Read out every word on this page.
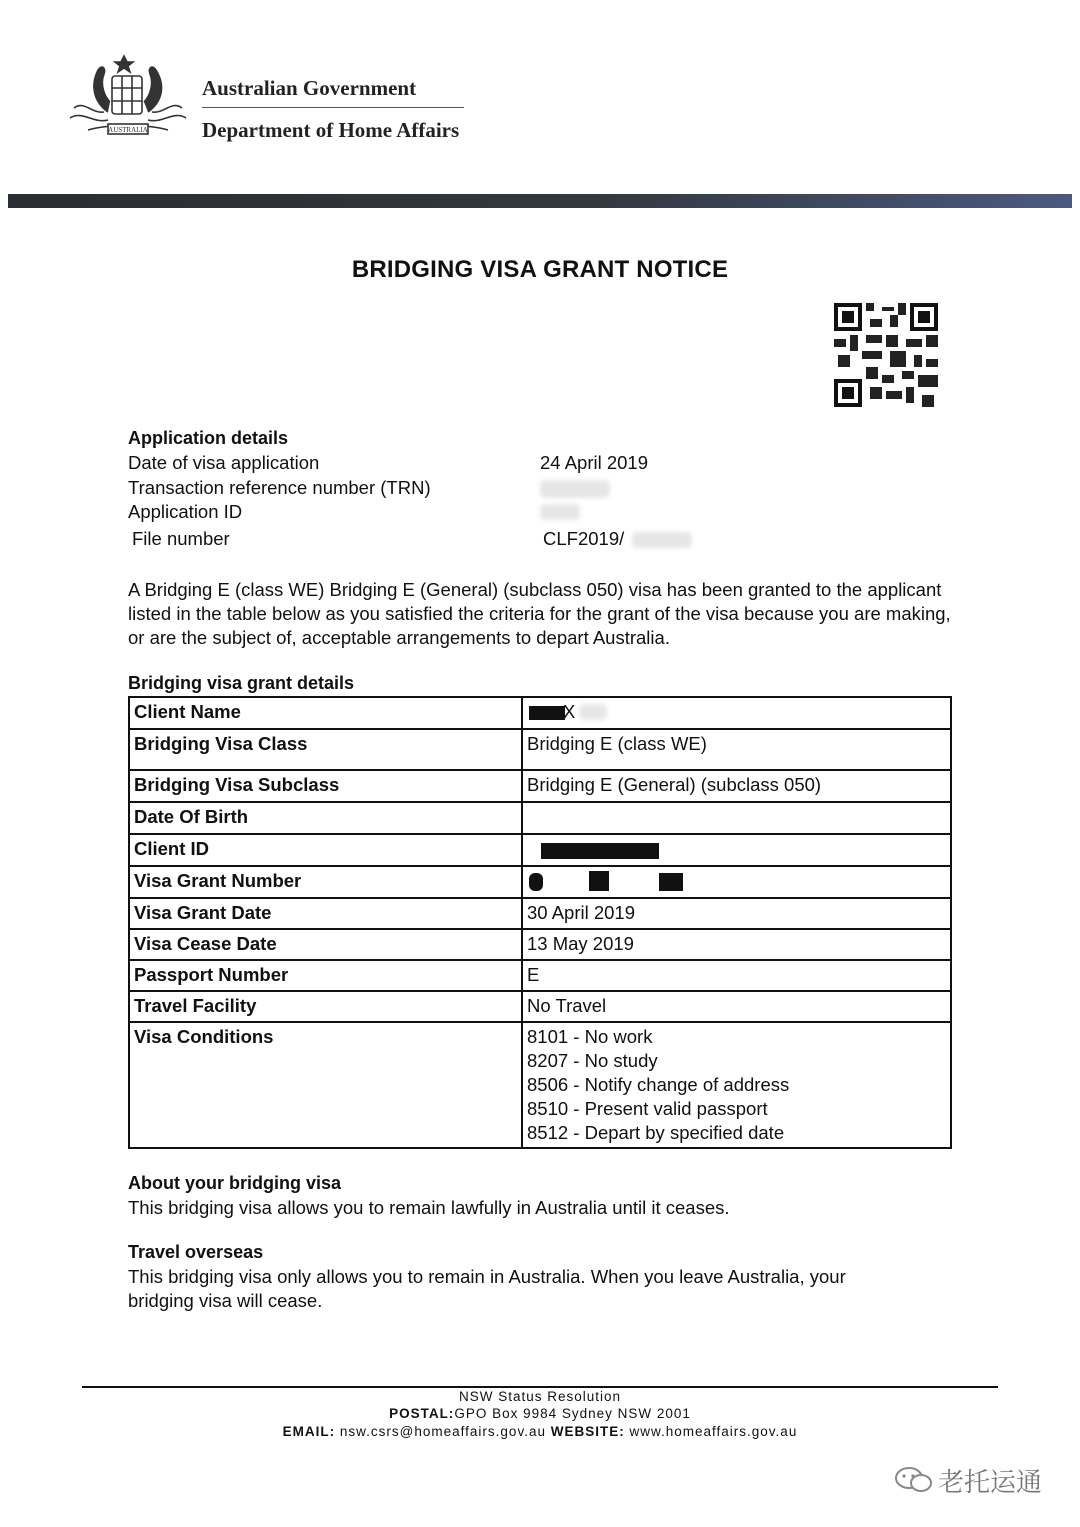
AUSTRALIA
Australian Government
Department of Home Affairs
BRIDGING VISA GRANT NOTICE
Application details
Date of visa application	24 April 2019
Transaction reference number (TRN)
Application ID
File number	CLF2019/
A Bridging E (class WE) Bridging E (General) (subclass 050) visa has been granted to the applicant listed in the table below as you satisfied the criteria for the grant of the visa because you are making, or are the subject of, acceptable arrangements to depart Australia.
Bridging visa grant details
Client Name	X

Bridging Visa Class	Bridging E (class WE)
Bridging Visa Subclass	Bridging E (General) (subclass 050)
Date Of Birth	
Client ID	

Visa Grant Number	

Visa Grant Date	30 April 2019
Visa Cease Date	13 May 2019
Passport Number	E
Travel Facility	No Travel
Visa Conditions	8101 - No work
8207 - No study
8506 - Notify change of address
8510 - Present valid passport
8512 - Depart by specified date
About your bridging visa
This bridging visa allows you to remain lawfully in Australia until it ceases.
Travel overseas
This bridging visa only allows you to remain in Australia. When you leave Australia, your
bridging visa will cease.
NSW Status Resolution
POSTAL:GPO Box 9984 Sydney NSW 2001
EMAIL: nsw.csrs@homeaffairs.gov.au WEBSITE: www.homeaffairs.gov.au
老托运通
